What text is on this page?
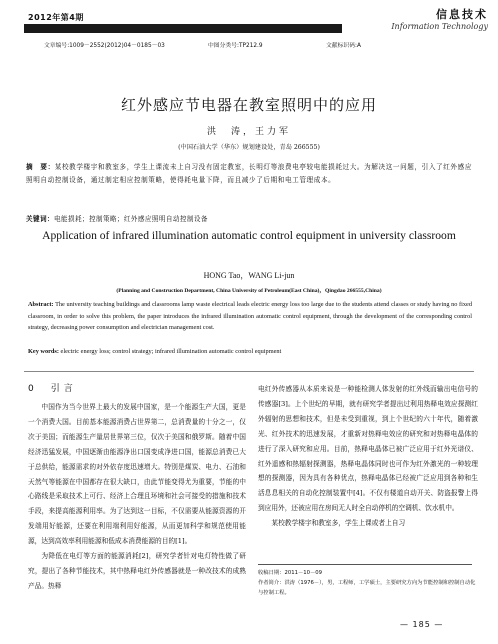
2012年第4期	信息技术
Information Technology
文章编号:1009－2552(2012)04－0185－03	中图分类号:TP212.9	文献标识码:A
红外感应节电器在教室照明中的应用
洪　涛，王力军
(中国石油大学（华东）规划建设处，青岛 266555)
摘　要：某校教学楼宇和教室多，学生上课流未上自习没有固定教室，长明灯等浪费电亭较电能损耗过大。为解决这一问题，引入了红外感应照明自动控制设备，通过制定相应控制策略，使得耗电量下降，而且减少了后期和电工管理成本。
关键词：电能损耗；控制策略；红外感应照明自动控制设备
Application of infrared illumination automatic control equipment in university classroom
HONG Tao，WANG Li-jun
(Planning and Construction Department, China University of Petroleum(East China)，Qingdao 266555,China)
Abstract: The university teaching buildings and classrooms lamp waste electrical leads electric energy loss too large due to the students attend classes or study having no fixed classroom, in order to solve this problem, the paper introduces the infrared illumination automatic control equipment, through the development of the corresponding control strategy, decreasing power consumption and electrician management cost.
Key words: electric energy loss; control strategy; infrared illumination automatic control equipment
0　引言

中国作为当今世界上最大的发展中国家，是一个能源生产大国，更是一个消费大国。目前基本能源消费占世界第二，总消费量的十分之一，仅次于美国；而能源生产量居世界第三位，仅次于美国和俄罗斯。随着中国经济迅猛发展，中国逐渐由能源净出口国变成净进口国，能源总消费已大于总供给，能源需求的对外依存度迅速增大。特别是煤炭、电力、石油和天然气等能源在中国都存在很大缺口，由此节能变得尤为重要，节能的中心路线是采取技术上可行、经济上合理且环境和社会可接受的措施和技术手段，来提高能源利用率。为了达到这一目标，不仅需要从能源资源的开发端用好能源，还要在利用端利用好能源，从而更加科学和规范使用能源，达到高效率利用能源和低成本消费能源的目的[1]。

为降低在电灯等方面的能源消耗[2]，研究学者针对电灯特性做了研究，提出了各种节能技术，其中热释电红外传感器就是一种改技术的成熟产品。热释

电红外传感器从本质来说是一种能检测人体发射的红外线而输出电信号的传感器[3]。上个世纪的早期，就有研究学者提出过利用热释电效应探测红外辐射的思想和技术，但是未受到重视，到上个世纪的六十年代，随着激光、红外技术的迅速发展，才重新对热释电效应的研究和对热释电晶体的进行了深入研究和应用。目前，热释电晶体已被广泛应用于红外光谱仪、红外遥感和热辐射探测器，热释电晶体同时也可作为红外激光的一种较理想的探测器，因为具有各种优点，热释电晶体已经被广泛应用到各种和生活息息相关的自动化控制装置中[4]。不仅有楼道自动开关、防盗报警上得到应用外，还被应用在房间无人时全自动停机的空调机、饮水机中。

某校教学楼宇和教室多，学生上课或者上自习

收稿日期：2011－10－09
作者简介：洪涛（1976－），男，工程师，工学硕士，主要研究方向为节能控制和控制自动化与控制工程。
— 185 —
